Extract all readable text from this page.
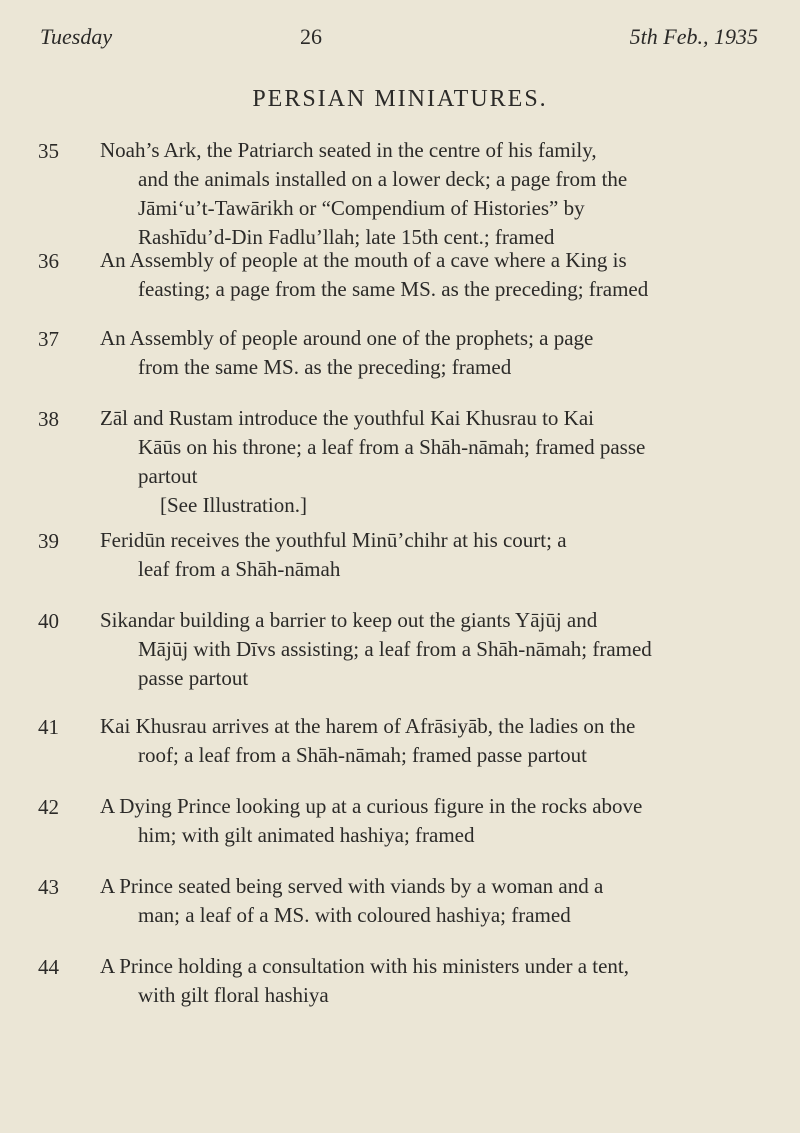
Tuesday	26	5th Feb., 1935
PERSIAN MINIATURES.
35 Noah’s Ark, the Patriarch seated in the centre of his family,
and the animals installed on a lower deck; a page from the
Jāmi‘u’t-Tawārikh or “Compendium of Histories” by
Rashīdu’d-Din Fadlu’llah; late 15th cent.; framed
36 An Assembly of people at the mouth of a cave where a King is
feasting; a page from the same MS. as the preceding; framed
37 An Assembly of people around one of the prophets; a page
from the same MS. as the preceding; framed
38 Zāl and Rustam introduce the youthful Kai Khusrau to Kai
Kāūs on his throne; a leaf from a Shāh-nāmah; framed passe
partout
[See Illustration.]
39 Feridūn receives the youthful Minū’chihr at his court; a
leaf from a Shāh-nāmah
40 Sikandar building a barrier to keep out the giants Yājūj and
Mājūj with Dīvs assisting; a leaf from a Shāh-nāmah; framed
passe partout
41 Kai Khusrau arrives at the harem of Afrāsiyāb, the ladies on the
roof; a leaf from a Shāh-nāmah; framed passe partout
42 A Dying Prince looking up at a curious figure in the rocks above
him; with gilt animated hashiya; framed
43 A Prince seated being served with viands by a woman and a
man; a leaf of a MS. with coloured hashiya; framed
44 A Prince holding a consultation with his ministers under a tent,
with gilt floral hashiya
